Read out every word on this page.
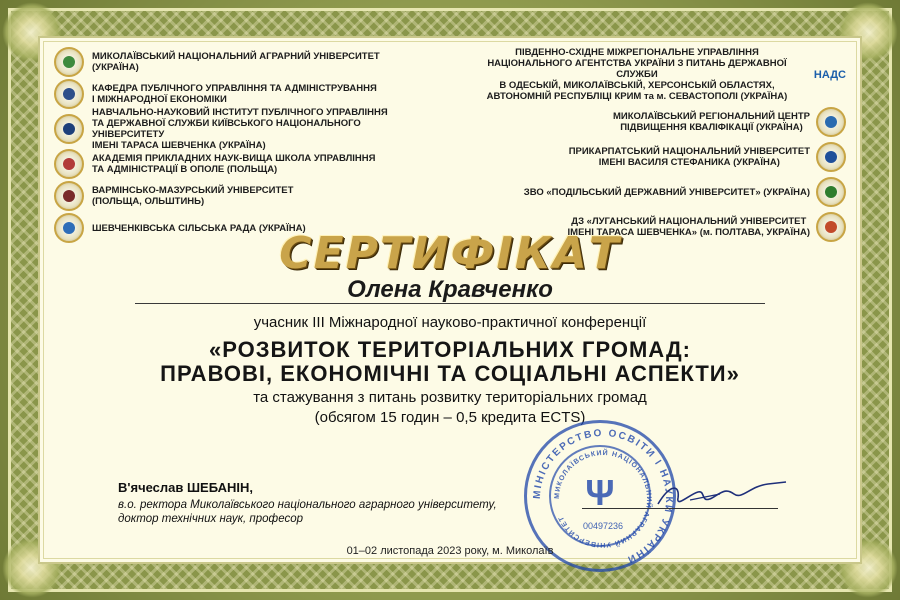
МИКОЛАЇВСЬКИЙ НАЦІОНАЛЬНИЙ АГРАРНИЙ УНІВЕРСИТЕТ (УКРАЇНА)
КАФЕДРА ПУБЛІЧНОГО УПРАВЛІННЯ ТА АДМІНІСТРУВАННЯ
І МІЖНАРОДНОЇ ЕКОНОМІКИ
НАВЧАЛЬНО-НАУКОВИЙ ІНСТИТУТ ПУБЛІЧНОГО УПРАВЛІННЯ
ТА ДЕРЖАВНОЇ СЛУЖБИ КИЇВСЬКОГО НАЦІОНАЛЬНОГО УНІВЕРСИТЕТУ
ІМЕНІ ТАРАСА ШЕВЧЕНКА (УКРАЇНА)
АКАДЕМІЯ ПРИКЛАДНИХ НАУК-ВИЩА ШКОЛА УПРАВЛІННЯ
ТА АДМІНІСТРАЦІЇ В ОПОЛЕ (ПОЛЬЩА)
ВАРМІНСЬКО-МАЗУРСЬКИЙ УНІВЕРСИТЕТ
(ПОЛЬЩА, ОЛЬШТИНЬ)
ШЕВЧЕНКІВСЬКА СІЛЬСЬКА РАДА (УКРАЇНА)
ПІВДЕННО-СХІДНЕ МІЖРЕГІОНАЛЬНЕ УПРАВЛІННЯ
НАЦІОНАЛЬНОГО АГЕНТСТВА УКРАЇНИ З ПИТАНЬ ДЕРЖАВНОЇ СЛУЖБИ
В ОДЕСЬКІЙ, МИКОЛАЇВСЬКІЙ, ХЕРСОНСЬКІЙ ОБЛАСТЯХ,
АВТОНОМНІЙ РЕСПУБЛІЦІ КРИМ та м. СЕВАСТОПОЛІ (УКРАЇНА)
НАДС
МИКОЛАЇВСЬКИЙ РЕГІОНАЛЬНИЙ ЦЕНТР
ПІДВИЩЕННЯ КВАЛІФІКАЦІЇ (УКРАЇНА)
ПРИКАРПАТСЬКИЙ НАЦІОНАЛЬНИЙ УНІВЕРСИТЕТ
ІМЕНІ ВАСИЛЯ СТЕФАНИКА (УКРАЇНА)
ЗВО «ПОДІЛЬСЬКИЙ ДЕРЖАВНИЙ УНІВЕРСИТЕТ» (УКРАЇНА)
ДЗ «ЛУГАНСЬКИЙ НАЦІОНАЛЬНИЙ УНІВЕРСИТЕТ
ІМЕНІ ТАРАСА ШЕВЧЕНКА» (м. ПОЛТАВА, УКРАЇНА)
СЕРТИФІКАТ
Олена Кравченко
учасник III Міжнародної науково-практичної конференції
«РОЗВИТОК ТЕРИТОРІАЛЬНИХ ГРОМАД:
ПРАВОВІ, ЕКОНОМІЧНІ ТА СОЦІАЛЬНІ АСПЕКТИ»
та стажування з питань розвитку територіальних громад
(обсягом 15 годин – 0,5 кредита ECTS)
В'ячеслав ШЕБАНІН,
в.о. ректора Миколаївського національного аграрного університету,
доктор технічних наук, професор
МІНІСТЕРСТВО ОСВІТИ І НАУКИ УКРАЇНИ
МИКОЛАЇВСЬКИЙ НАЦІОНАЛЬНИЙ АГРАРНИЙ УНІВЕРСИТЕТ
00497236
Ψ
01–02 листопада 2023 року, м. Миколаїв
